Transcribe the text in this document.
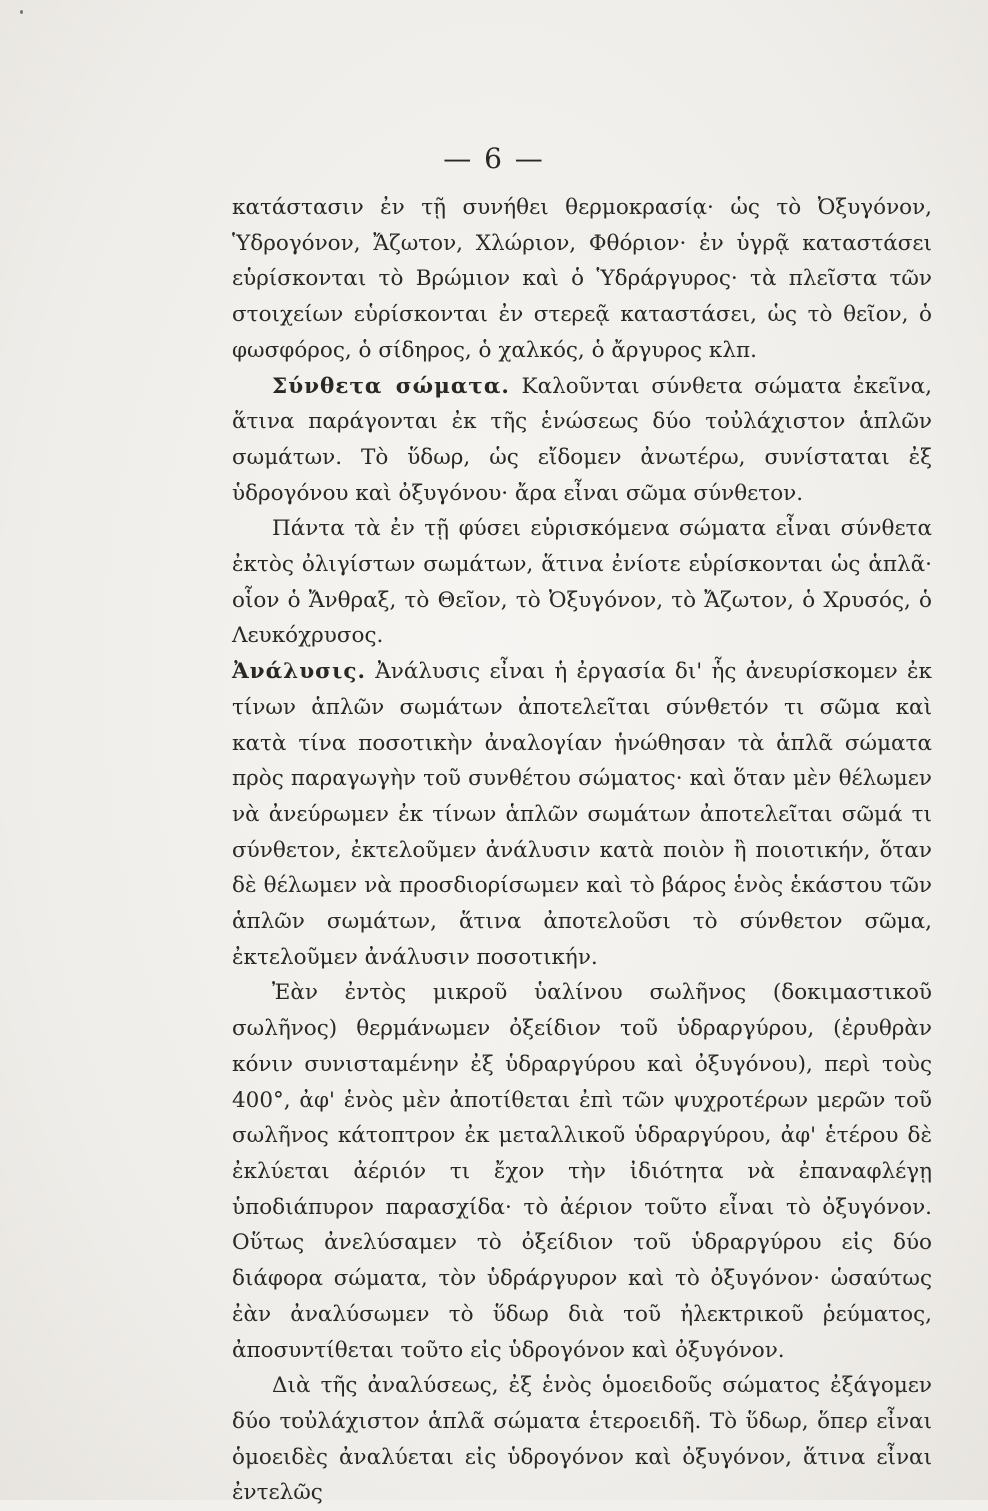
— 6 —

κατάστασιν ἐν τῇ συνήθει θερμοκρασίᾳ· ὡς τὸ Ὀξυγόνον, Ὑδρογόνον, Ἄζωτον, Χλώριον, Φθόριον· ἐν ὑγρᾷ καταστάσει εὑρίσκονται τὸ Βρώμιον καὶ ὁ Ὑδράργυρος· τὰ πλεῖστα τῶν στοιχείων εὑρίσκονται ἐν στερεᾷ καταστάσει, ὡς τὸ θεῖον, ὁ φωσφόρος, ὁ σίδηρος, ὁ χαλκός, ὁ ἄργυρος κλπ.

Σύνθετα σώματα. Καλοῦνται σύνθετα σώματα ἐκεῖνα, ἅτινα παράγονται ἐκ τῆς ἑνώσεως δύο τοὐλάχιστον ἁπλῶν σωμάτων. Τὸ ὕδωρ, ὡς εἴδομεν ἀνωτέρω, συνίσταται ἐξ ὑδρογόνου καὶ ὀξυγόνου· ἄρα εἶναι σῶμα σύνθετον.

Πάντα τὰ ἐν τῇ φύσει εὑρισκόμενα σώματα εἶναι σύνθετα ἐκτὸς ὀλιγίστων σωμάτων, ἅτινα ἐνίοτε εὑρίσκονται ὡς ἁπλᾶ· οἷον ὁ Ἄνθραξ, τὸ Θεῖον, τὸ Ὀξυγόνον, τὸ Ἄζωτον, ὁ Χρυσός, ὁ Λευκόχρυσος.

Ἀνάλυσις. Ἀνάλυσις εἶναι ἡ ἐργασία δι' ἧς ἀνευρίσκομεν ἐκ τίνων ἁπλῶν σωμάτων ἀποτελεῖται σύνθετόν τι σῶμα καὶ κατὰ τίνα ποσοτικὴν ἀναλογίαν ἡνώθησαν τὰ ἁπλᾶ σώματα πρὸς παραγωγὴν τοῦ συνθέτου σώματος· καὶ ὅταν μὲν θέλωμεν νὰ ἀνεύρωμεν ἐκ τίνων ἁπλῶν σωμάτων ἀποτελεῖται σῶμά τι σύνθετον, ἐκτελοῦμεν ἀνάλυσιν κατὰ ποιὸν ἢ ποιοτικήν, ὅταν δὲ θέλωμεν νὰ προσδιορίσωμεν καὶ τὸ βάρος ἑνὸς ἑκάστου τῶν ἁπλῶν σωμάτων, ἅτινα ἀποτελοῦσι τὸ σύνθετον σῶμα, ἐκτελοῦμεν ἀνάλυσιν ποσοτικήν.

Ἐὰν ἐντὸς μικροῦ ὑαλίνου σωλῆνος (δοκιμαστικοῦ σωλῆνος) θερμάνωμεν ὀξείδιον τοῦ ὑδραργύρου, (ἐρυθρὰν κόνιν συνισταμένην ἐξ ὑδραργύρου καὶ ὀξυγόνου), περὶ τοὺς 400°, ἀφ' ἑνὸς μὲν ἀποτίθεται ἐπὶ τῶν ψυχροτέρων μερῶν τοῦ σωλῆνος κάτοπτρον ἐκ μεταλλικοῦ ὑδραργύρου, ἀφ' ἑτέρου δὲ ἐκλύεται ἀέριόν τι ἔχον τὴν ἰδιότητα νὰ ἐπαναφλέγῃ ὑποδιάπυρον παρασχίδα· τὸ ἀέριον τοῦτο εἶναι τὸ ὀξυγόνον. Οὕτως ἀνελύσαμεν τὸ ὀξείδιον τοῦ ὑδραργύρου εἰς δύο διάφορα σώματα, τὸν ὑδράργυρον καὶ τὸ ὀξυγόνον· ὡσαύτως ἐὰν ἀναλύσωμεν τὸ ὕδωρ διὰ τοῦ ἠλεκτρικοῦ ῥεύματος, ἀποσυντίθεται τοῦτο εἰς ὑδρογόνον καὶ ὀξυγόνον.

Διὰ τῆς ἀναλύσεως, ἐξ ἑνὸς ὁμοειδοῦς σώματος ἐξάγομεν δύο τοὐλάχιστον ἁπλᾶ σώματα ἑτεροειδῆ. Τὸ ὕδωρ, ὅπερ εἶναι ὁμοειδὲς ἀναλύεται εἰς ὑδρογόνον καὶ ὀξυγόνον, ἅτινα εἶναι ἐντελῶς
